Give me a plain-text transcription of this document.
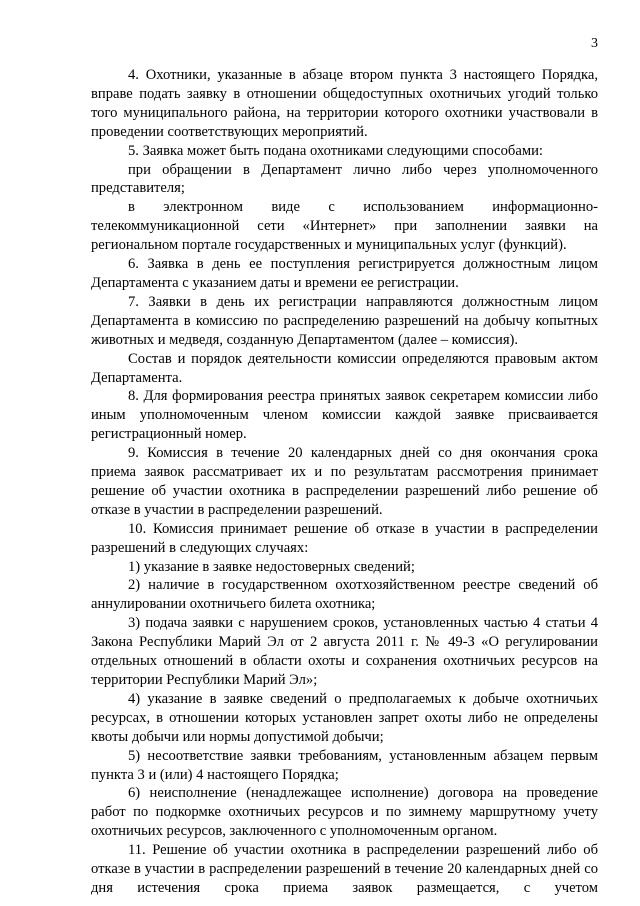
3

4. Охотники, указанные в абзаце втором пункта 3 настоящего Порядка, вправе подать заявку в отношении общедоступных охотничьих угодий только того муниципального района, на территории которого охотники участвовали в проведении соответствующих мероприятий.

5. Заявка может быть подана охотниками следующими способами:

при обращении в Департамент лично либо через уполномоченного представителя;

в электронном виде с использованием информационно-телекоммуникационной сети «Интернет» при заполнении заявки на региональном портале государственных и муниципальных услуг (функций).

6. Заявка в день ее поступления регистрируется должностным лицом Департамента с указанием даты и времени ее регистрации.

7. Заявки в день их регистрации направляются должностным лицом Департамента в комиссию по распределению разрешений на добычу копытных животных и медведя, созданную Департаментом (далее – комиссия).

Состав и порядок деятельности комиссии определяются правовым актом Департамента.

8. Для формирования реестра принятых заявок секретарем комиссии либо иным уполномоченным членом комиссии каждой заявке присваивается регистрационный номер.

9. Комиссия в течение 20 календарных дней со дня окончания срока приема заявок рассматривает их и по результатам рассмотрения принимает решение об участии охотника в распределении разрешений либо решение об отказе в участии в распределении разрешений.

10. Комиссия принимает решение об отказе в участии в распределении разрешений в следующих случаях:

1) указание в заявке недостоверных сведений;

2) наличие в государственном охотхозяйственном реестре сведений об аннулировании охотничьего билета охотника;

3) подача заявки с нарушением сроков, установленных частью 4 статьи 4 Закона Республики Марий Эл от 2 августа 2011 г. № 49-З «О регулировании отдельных отношений в области охоты и сохранения охотничьих ресурсов на территории Республики Марий Эл»;

4) указание в заявке сведений о предполагаемых к добыче охотничьих ресурсах, в отношении которых установлен запрет охоты либо не определены квоты добычи или нормы допустимой добычи;

5) несоответствие заявки требованиям, установленным абзацем первым пункта 3 и (или) 4 настоящего Порядка;

6) неисполнение (ненадлежащее исполнение) договора на проведение работ по подкормке охотничьих ресурсов и по зимнему маршрутному учету охотничьих ресурсов, заключенного с уполномоченным органом.

11. Решение об участии охотника в распределении разрешений либо об отказе в участии в распределении разрешений в течение 20 календарных дней со дня истечения срока приема заявок размещается, с учетом
